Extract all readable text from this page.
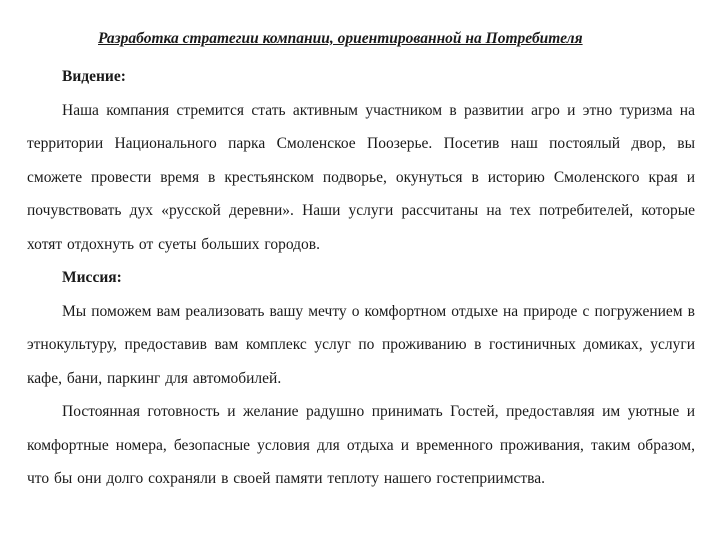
Разработка стратегии компании, ориентированной на Потребителя

Видение:

Наша компания стремится стать активным участником в развитии агро и этно туризма на территории Национального парка Смоленское Поозерье. Посетив наш постоялый двор, вы сможете провести время в крестьянском подворье, окунуться в историю Смоленского края и почувствовать дух «русской деревни». Наши услуги рассчитаны на тех потребителей, которые хотят отдохнуть от суеты больших городов.

Миссия:

Мы поможем вам реализовать вашу мечту о комфортном отдыхе на природе с погружением в этнокультуру, предоставив вам комплекс услуг по проживанию в гостиничных домиках, услуги кафе, бани, паркинг для автомобилей.

Постоянная готовность и желание радушно принимать Гостей, предоставляя им уютные и комфортные номера, безопасные условия для отдыха и временного проживания, таким образом, что бы они долго сохраняли в своей памяти теплоту нашего гостеприимства.
